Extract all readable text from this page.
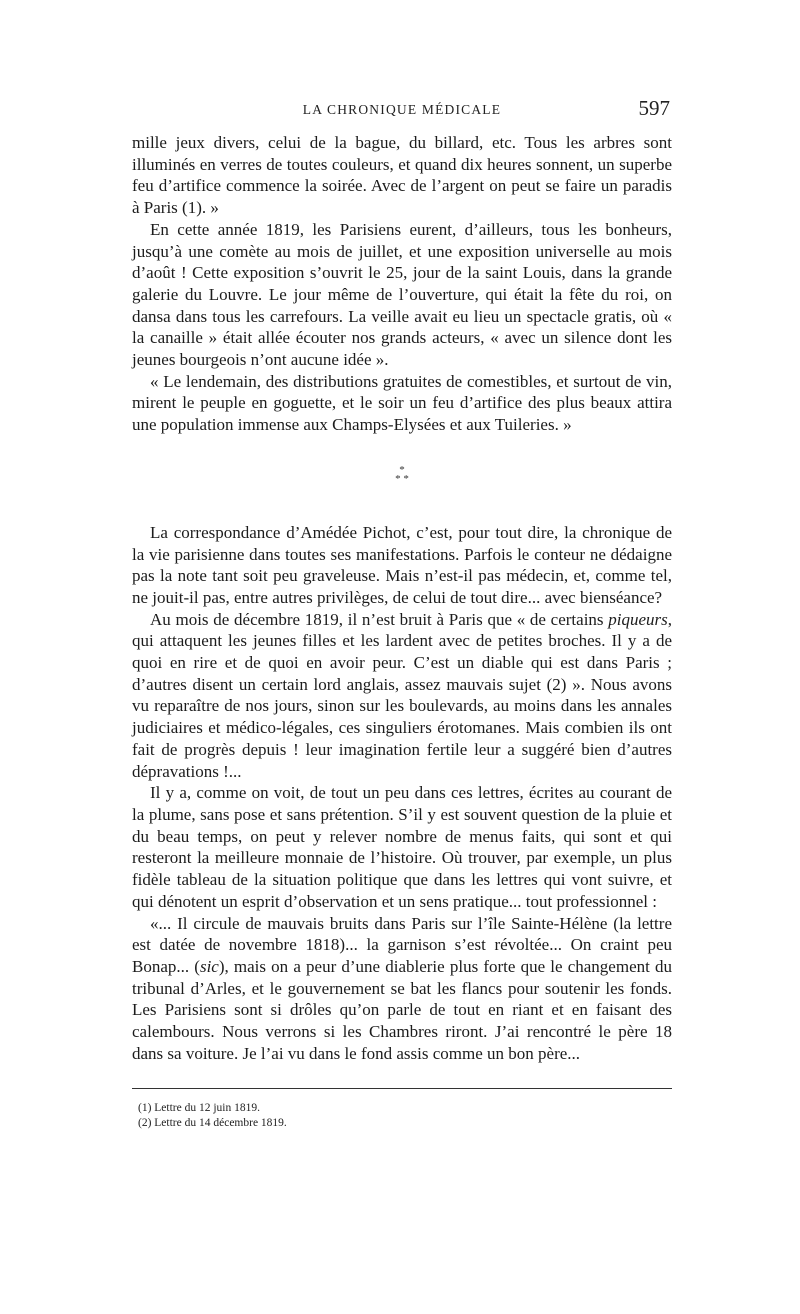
LA CHRONIQUE MÉDICALE	597

mille jeux divers, celui de la bague, du billard, etc. Tous les arbres sont illuminés en verres de toutes couleurs, et quand dix heures sonnent, un superbe feu d’artifice commence la soirée. Avec de l’argent on peut se faire un paradis à Paris (1). »

En cette année 1819, les Parisiens eurent, d’ailleurs, tous les bonheurs, jusqu’à une comète au mois de juillet, et une exposition universelle au mois d’août ! Cette exposition s’ouvrit le 25, jour de la saint Louis, dans la grande galerie du Louvre. Le jour même de l’ouverture, qui était la fête du roi, on dansa dans tous les carrefours. La veille avait eu lieu un spectacle gratis, où « la canaille » était allée écouter nos grands acteurs, « avec un silence dont les jeunes bourgeois n’ont aucune idée ».

« Le lendemain, des distributions gratuites de comestibles, et surtout de vin, mirent le peuple en goguette, et le soir un feu d’artifice des plus beaux attira une population immense aux Champs-Elysées et aux Tuileries. »

*
* *

La correspondance d’Amédée Pichot, c’est, pour tout dire, la chronique de la vie parisienne dans toutes ses manifestations. Parfois le conteur ne dédaigne pas la note tant soit peu graveleuse. Mais n’est-il pas médecin, et, comme tel, ne jouit-il pas, entre autres privilèges, de celui de tout dire... avec bienséance?

Au mois de décembre 1819, il n’est bruit à Paris que « de certains piqueurs, qui attaquent les jeunes filles et les lardent avec de petites broches. Il y a de quoi en rire et de quoi en avoir peur. C’est un diable qui est dans Paris ; d’autres disent un certain lord anglais, assez mauvais sujet (2) ». Nous avons vu reparaître de nos jours, sinon sur les boulevards, au moins dans les annales judiciaires et médico-légales, ces singuliers érotomanes. Mais combien ils ont fait de progrès depuis ! leur imagination fertile leur a suggéré bien d’autres dépravations !...

Il y a, comme on voit, de tout un peu dans ces lettres, écrites au courant de la plume, sans pose et sans prétention. S’il y est souvent question de la pluie et du beau temps, on peut y relever nombre de menus faits, qui sont et qui resteront la meilleure monnaie de l’histoire. Où trouver, par exemple, un plus fidèle tableau de la situation politique que dans les lettres qui vont suivre, et qui dénotent un esprit d’observation et un sens pratique... tout professionnel :

«... Il circule de mauvais bruits dans Paris sur l’île Sainte-Hélène (la lettre est datée de novembre 1818)... la garnison s’est révoltée... On craint peu Bonap... (sic), mais on a peur d’une diablerie plus forte que le changement du tribunal d’Arles, et le gouvernement se bat les flancs pour soutenir les fonds. Les Parisiens sont si drôles qu’on parle de tout en riant et en faisant des calembours. Nous verrons si les Chambres riront. J’ai rencontré le père 18 dans sa voiture. Je l’ai vu dans le fond assis comme un bon père...

(1) Lettre du 12 juin 1819.
(2) Lettre du 14 décembre 1819.
